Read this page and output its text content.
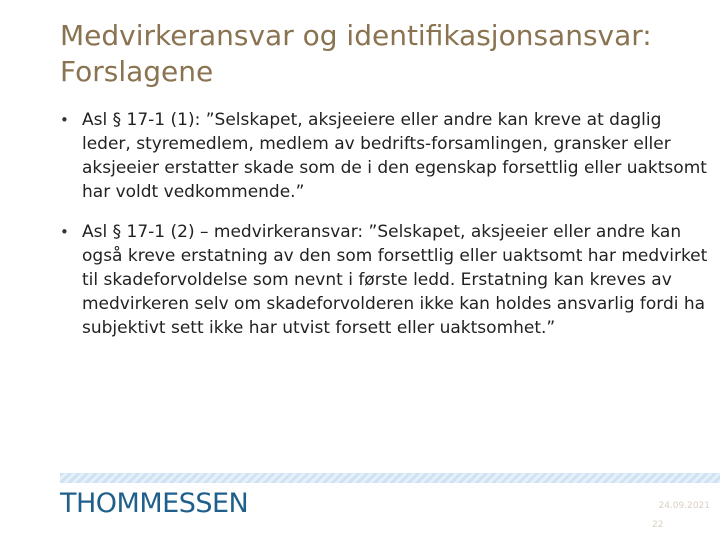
Medvirkeransvar og identifikasjonsansvar: Forslagene
• Asl § 17-1 (1): ”Selskapet, aksjeeiere eller andre kan kreve at daglig leder, styremedlem, medlem av bedrifts-forsamlingen, gransker eller aksjeeier erstatter skade som de i den egenskap forsettlig eller uaktsomt har voldt vedkommende.”
• Asl § 17-1 (2) – medvirkeransvar: ”Selskapet, aksjeeier eller andre kan også kreve erstatning av den som forsettlig eller uaktsomt har medvirket til skadeforvoldelse som nevnt i første ledd. Erstatning kan kreves av medvirkeren selv om skadeforvolderen ikke kan holdes ansvarlig fordi ha subjektivt sett ikke har utvist forsett eller uaktsomhet.”
THOMMESSEN	24.09.2021
22
